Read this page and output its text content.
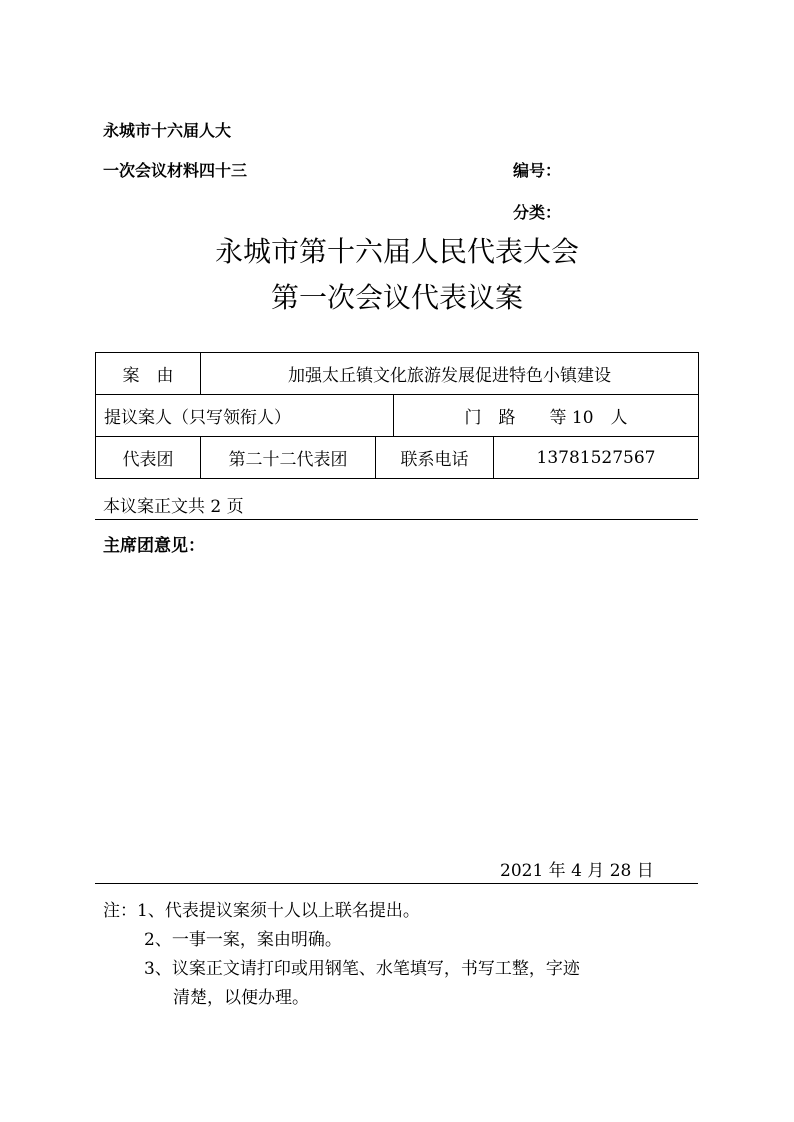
永城市十六届人大
一次会议材料四十三	编号：
分类：
永城市第十六届人民代表大会
第一次会议代表议案
案　由	加强太丘镇文化旅游发展促进特色小镇建设			
提议案人（只写领衔人）			门　路　　等 10　人	
代表团	第二十二代表团	联系电话		13781527567
本议案正文共 2 页
主席团意见：
2021 年 4 月 28 日
注：1、代表提议案须十人以上联名提出。
2、一事一案，案由明确。
3、议案正文请打印或用钢笔、水笔填写，书写工整，字迹
清楚，以便办理。
